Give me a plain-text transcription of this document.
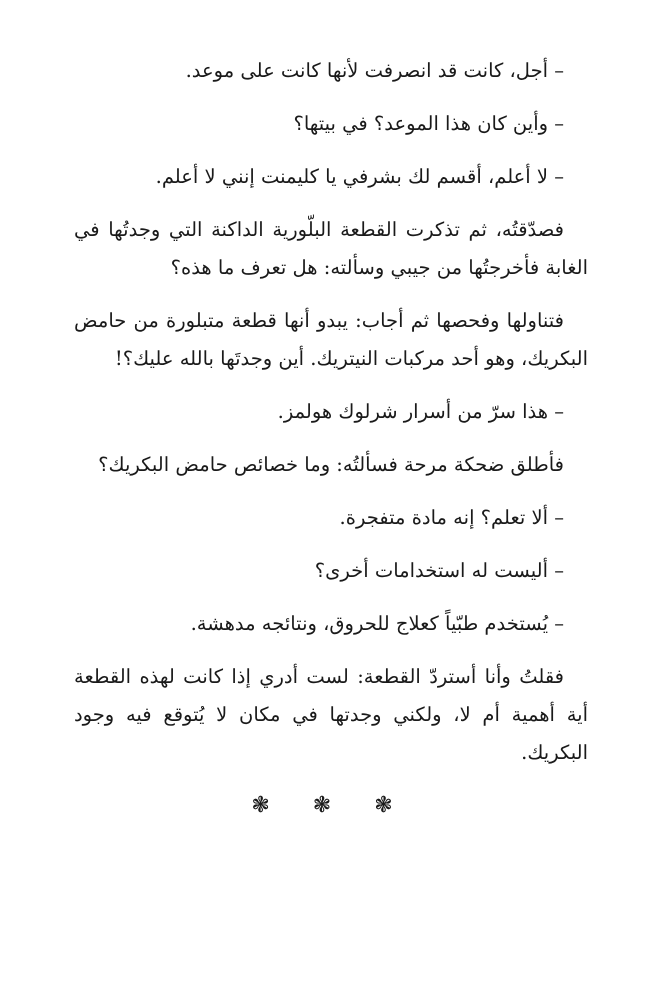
– أجل، كانت قد انصرفت لأنها كانت على موعد.
– وأين كان هذا الموعد؟ في بيتها؟
– لا أعلم، أقسم لك بشرفي يا كليمنت إنني لا أعلم.
فصدّقتُه، ثم تذكرت القطعة البلّورية الداكنة التي وجدتُها في الغابة فأخرجتُها من جيبي وسألته: هل تعرف ما هذه؟
فتناولها وفحصها ثم أجاب: يبدو أنها قطعة متبلورة من حامض البكريك، وهو أحد مركبات النيتريك. أين وجدتَها بالله عليك؟!
– هذا سرّ من أسرار شرلوك هولمز.
فأطلق ضحكة مرحة فسألتُه: وما خصائص حامض البكريك؟
– ألا تعلم؟ إنه مادة متفجرة.
– أليست له استخدامات أخرى؟
– يُستخدم طبّياً كعلاج للحروق، ونتائجه مدهشة.
فقلتُ وأنا أستردّ القطعة: لست أدري إذا كانت لهذه القطعة أية أهمية أم لا، ولكني وجدتها في مكان لا يُتوقع فيه وجود البكريك.
❃ ❃ ❃
